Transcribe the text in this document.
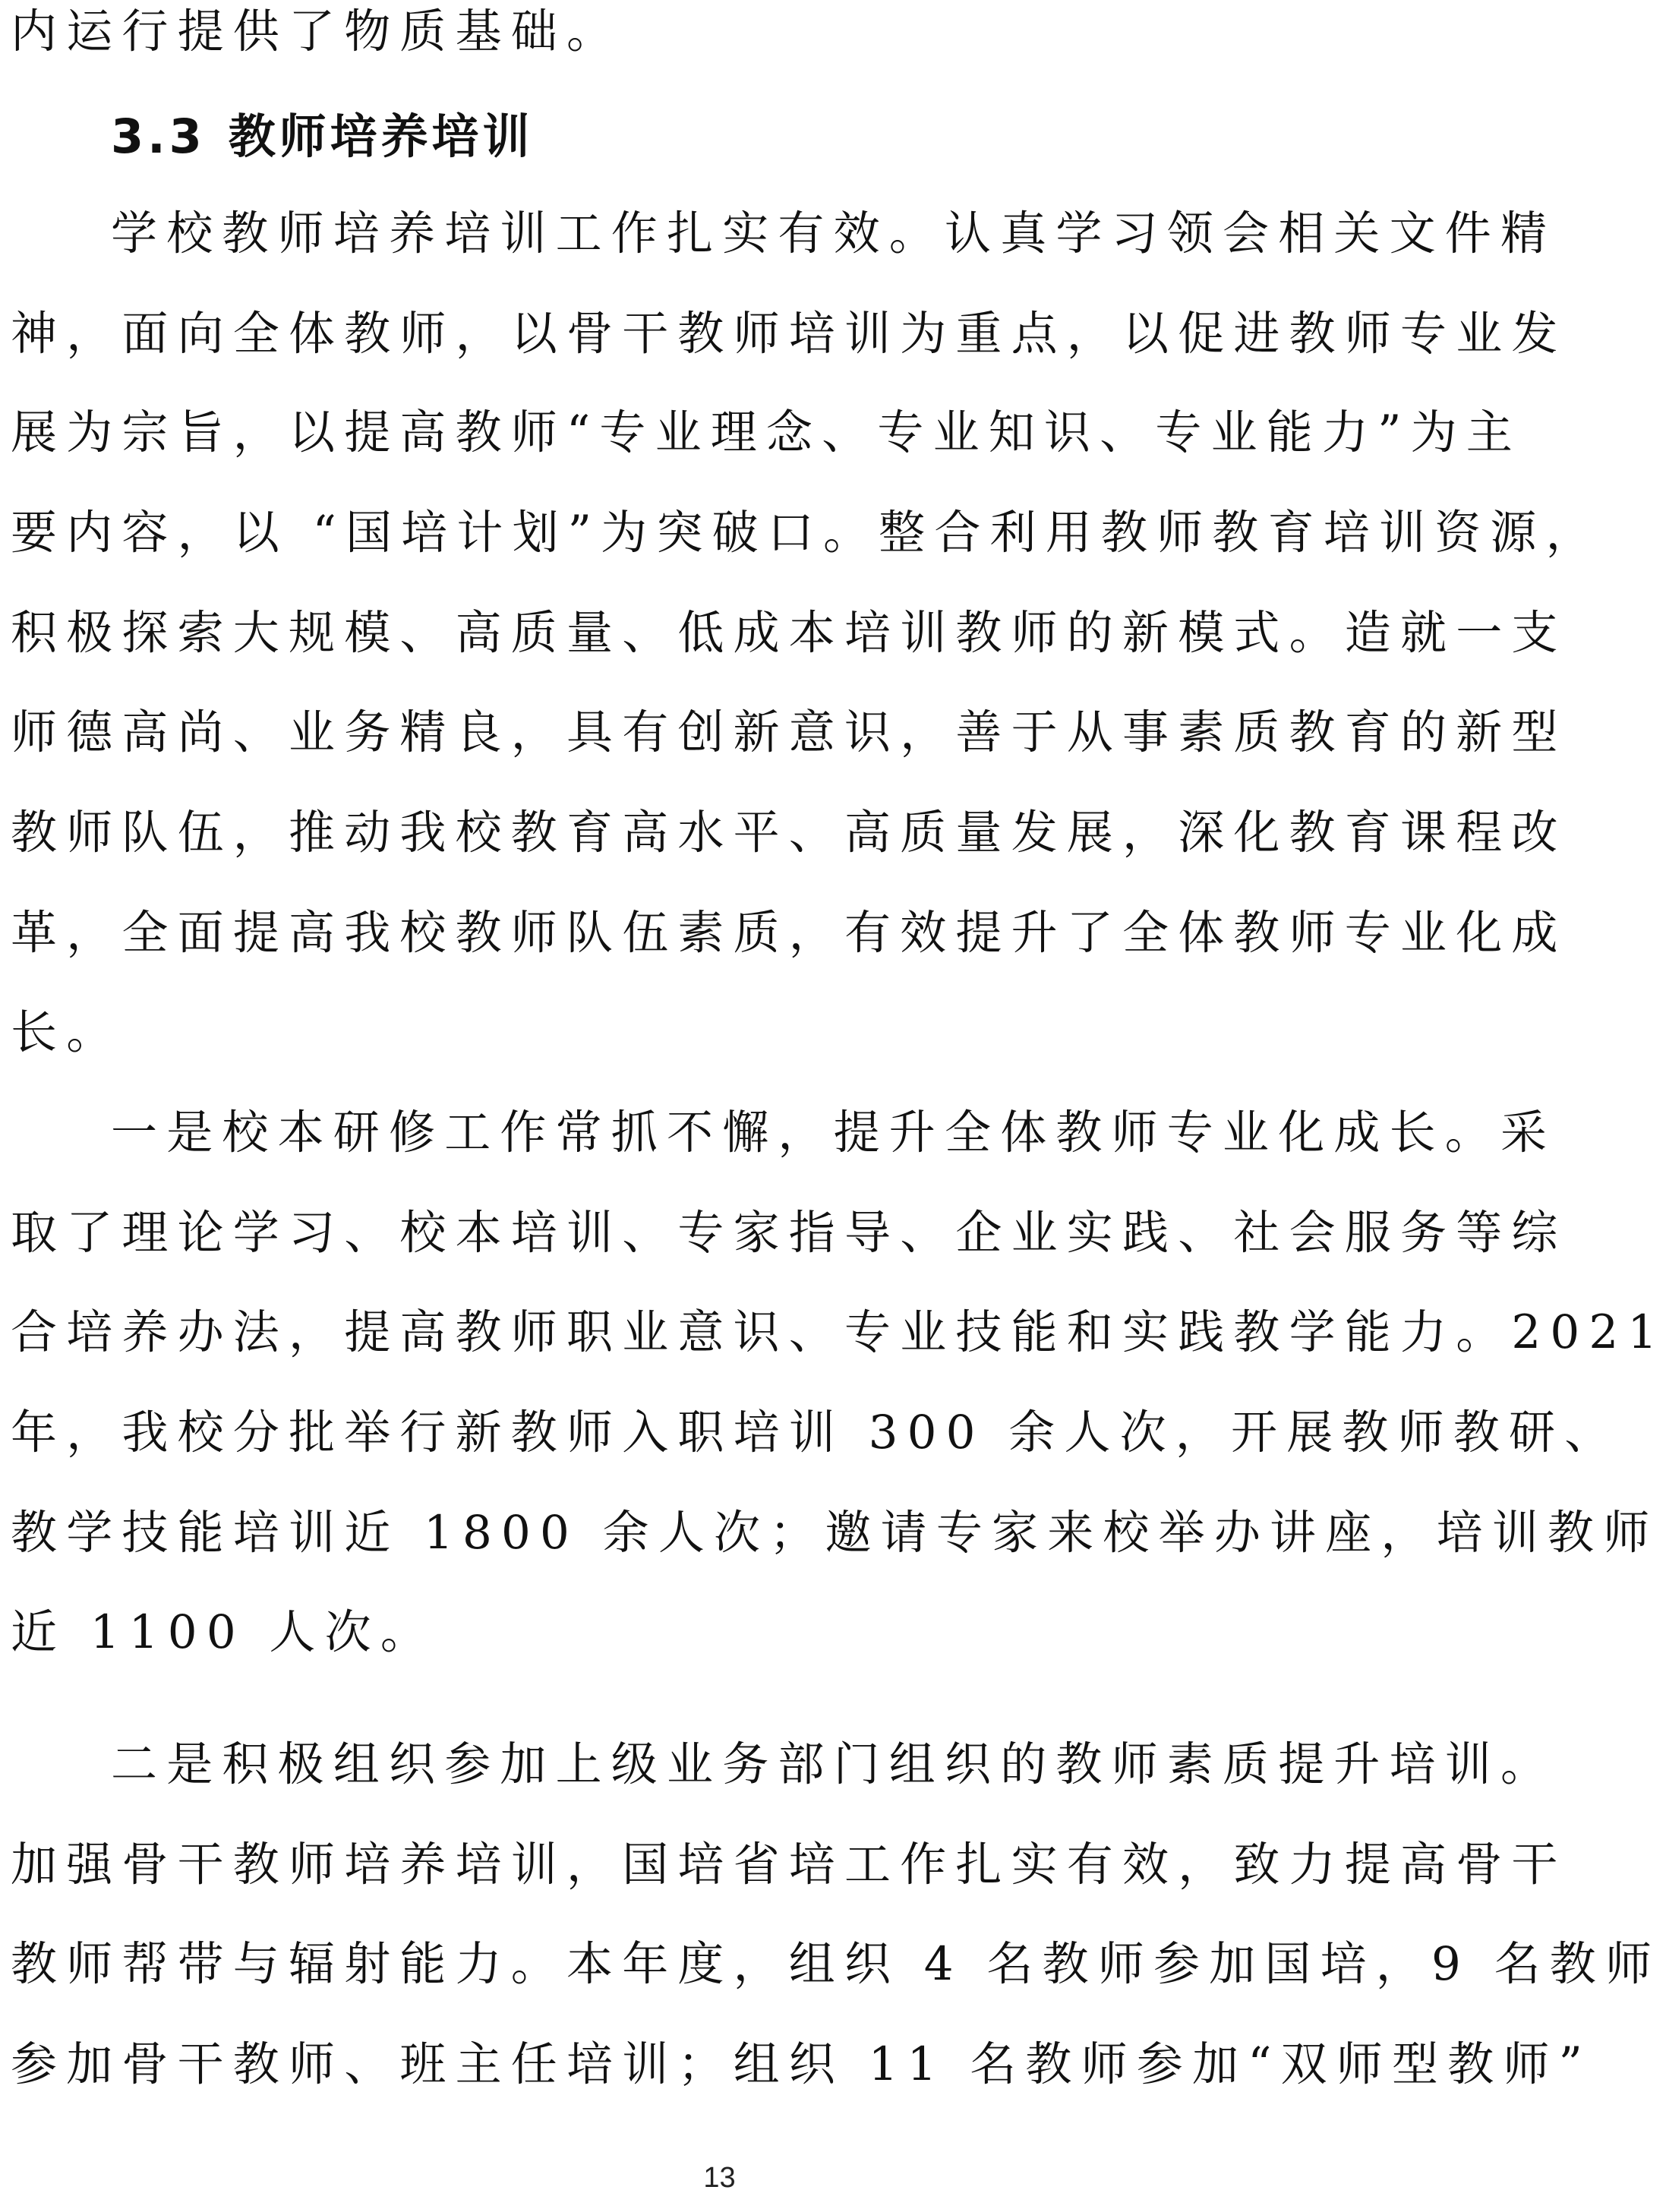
内运行提供了物质基础。
3.3 教师培养培训
学校教师培养培训工作扎实有效。认真学习领会相关文件精
神，面向全体教师，以骨干教师培训为重点，以促进教师专业发
展为宗旨，以提高教师“专业理念、专业知识、专业能力”为主
要内容，以 “国培计划”为突破口。整合利用教师教育培训资源，
积极探索大规模、高质量、低成本培训教师的新模式。造就一支
师德高尚、业务精良，具有创新意识，善于从事素质教育的新型
教师队伍，推动我校教育高水平、高质量发展，深化教育课程改
革，全面提高我校教师队伍素质，有效提升了全体教师专业化成
长。
一是校本研修工作常抓不懈，提升全体教师专业化成长。采
取了理论学习、校本培训、专家指导、企业实践、社会服务等综
合培养办法，提高教师职业意识、专业技能和实践教学能力。2021
年，我校分批举行新教师入职培训 300 余人次，开展教师教研、
教学技能培训近 1800 余人次；邀请专家来校举办讲座，培训教师
近 1100 人次。
二是积极组织参加上级业务部门组织的教师素质提升培训。
加强骨干教师培养培训，国培省培工作扎实有效，致力提高骨干
教师帮带与辐射能力。本年度，组织 4 名教师参加国培，9 名教师
参加骨干教师、班主任培训；组织 11 名教师参加“双师型教师”
13
